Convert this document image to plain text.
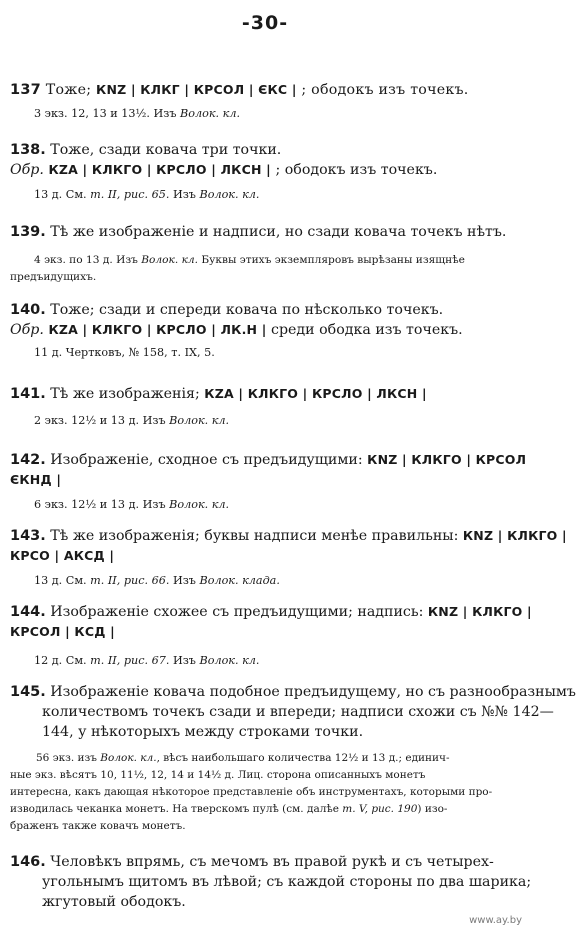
-30-
137 Тоже; КNZ | КЛКГ | КРСОЛ | ЄКС | ; ободокъ изъ точекъ.
3 экз. 12, 13 и 13½. Изъ Волок. кл.
138. Тоже, сзади ковача три точки.
Обр. КZA | КЛКГО | КРСЛО | ЛКСН | ; ободокъ изъ точекъ.
13 д. См. т. II, рис. 65. Изъ Волок. кл.
139. Тѣ же изображеніе и надписи, но сзади ковача точекъ нѣтъ.
4 экз. по 13 д. Изъ Волок. кл. Буквы этихъ экземпляровъ вырѣзаны изящнѣе
предъидущихъ.
140. Тоже; сзади и спереди ковача по нѣсколько точекъ.
Обр. КZA | КЛКГО | КРСЛО | ЛК.Н | среди ободка изъ точекъ.
11 д. Чертковъ, № 158, т. IX, 5.
141. Тѣ же изображенія; КZA | КЛКГО | КРСЛО | ЛКСН |
2 экз. 12½ и 13 д. Изъ Волок. кл.
142. Изображеніе, сходное съ предъидущими: КNZ | КЛКГО | КРСОЛ
ЄКНД |
6 экз. 12½ и 13 д. Изъ Волок. кл.
143. Тѣ же изображенія; буквы надписи менѣе правильны: КNZ | КЛКГО |
КРСО | АКСД |
13 д. См. т. II, рис. 66. Изъ Волок. клада.
144. Изображеніе схожее съ предъидущими; надпись: КNZ | КЛКГО |
КРСОЛ | КСД |
12 д. См. т. II, рис. 67. Изъ Волок. кл.
145. Изображеніе ковача подобное предъидущему, но съ разнообразнымъ
количествомъ точекъ сзади и впереди; надписи схожи съ №№ 142—
144, у нѣкоторыхъ между строками точки.
56 экз. изъ Волок. кл., вѣсъ наибольшаго количества 12½ и 13 д.; единич-
ные экз. вѣсятъ 10, 11½, 12, 14 и 14½ д. Лиц. сторона описанныхъ монетъ
интересна, какъ дающая нѣкоторое представленіе объ инструментахъ, которыми про-
изводилась чеканка монетъ. На тверскомъ пулѣ (см. далѣе т. V, рис. 190) изо-
браженъ также ковачъ монетъ.
146. Человѣкъ впрямь, съ мечомъ въ правой рукѣ и съ четырех-
угольнымъ щитомъ въ лѣвой; съ каждой стороны по два шарика;
жгутовый ободокъ.
www.ay.by
